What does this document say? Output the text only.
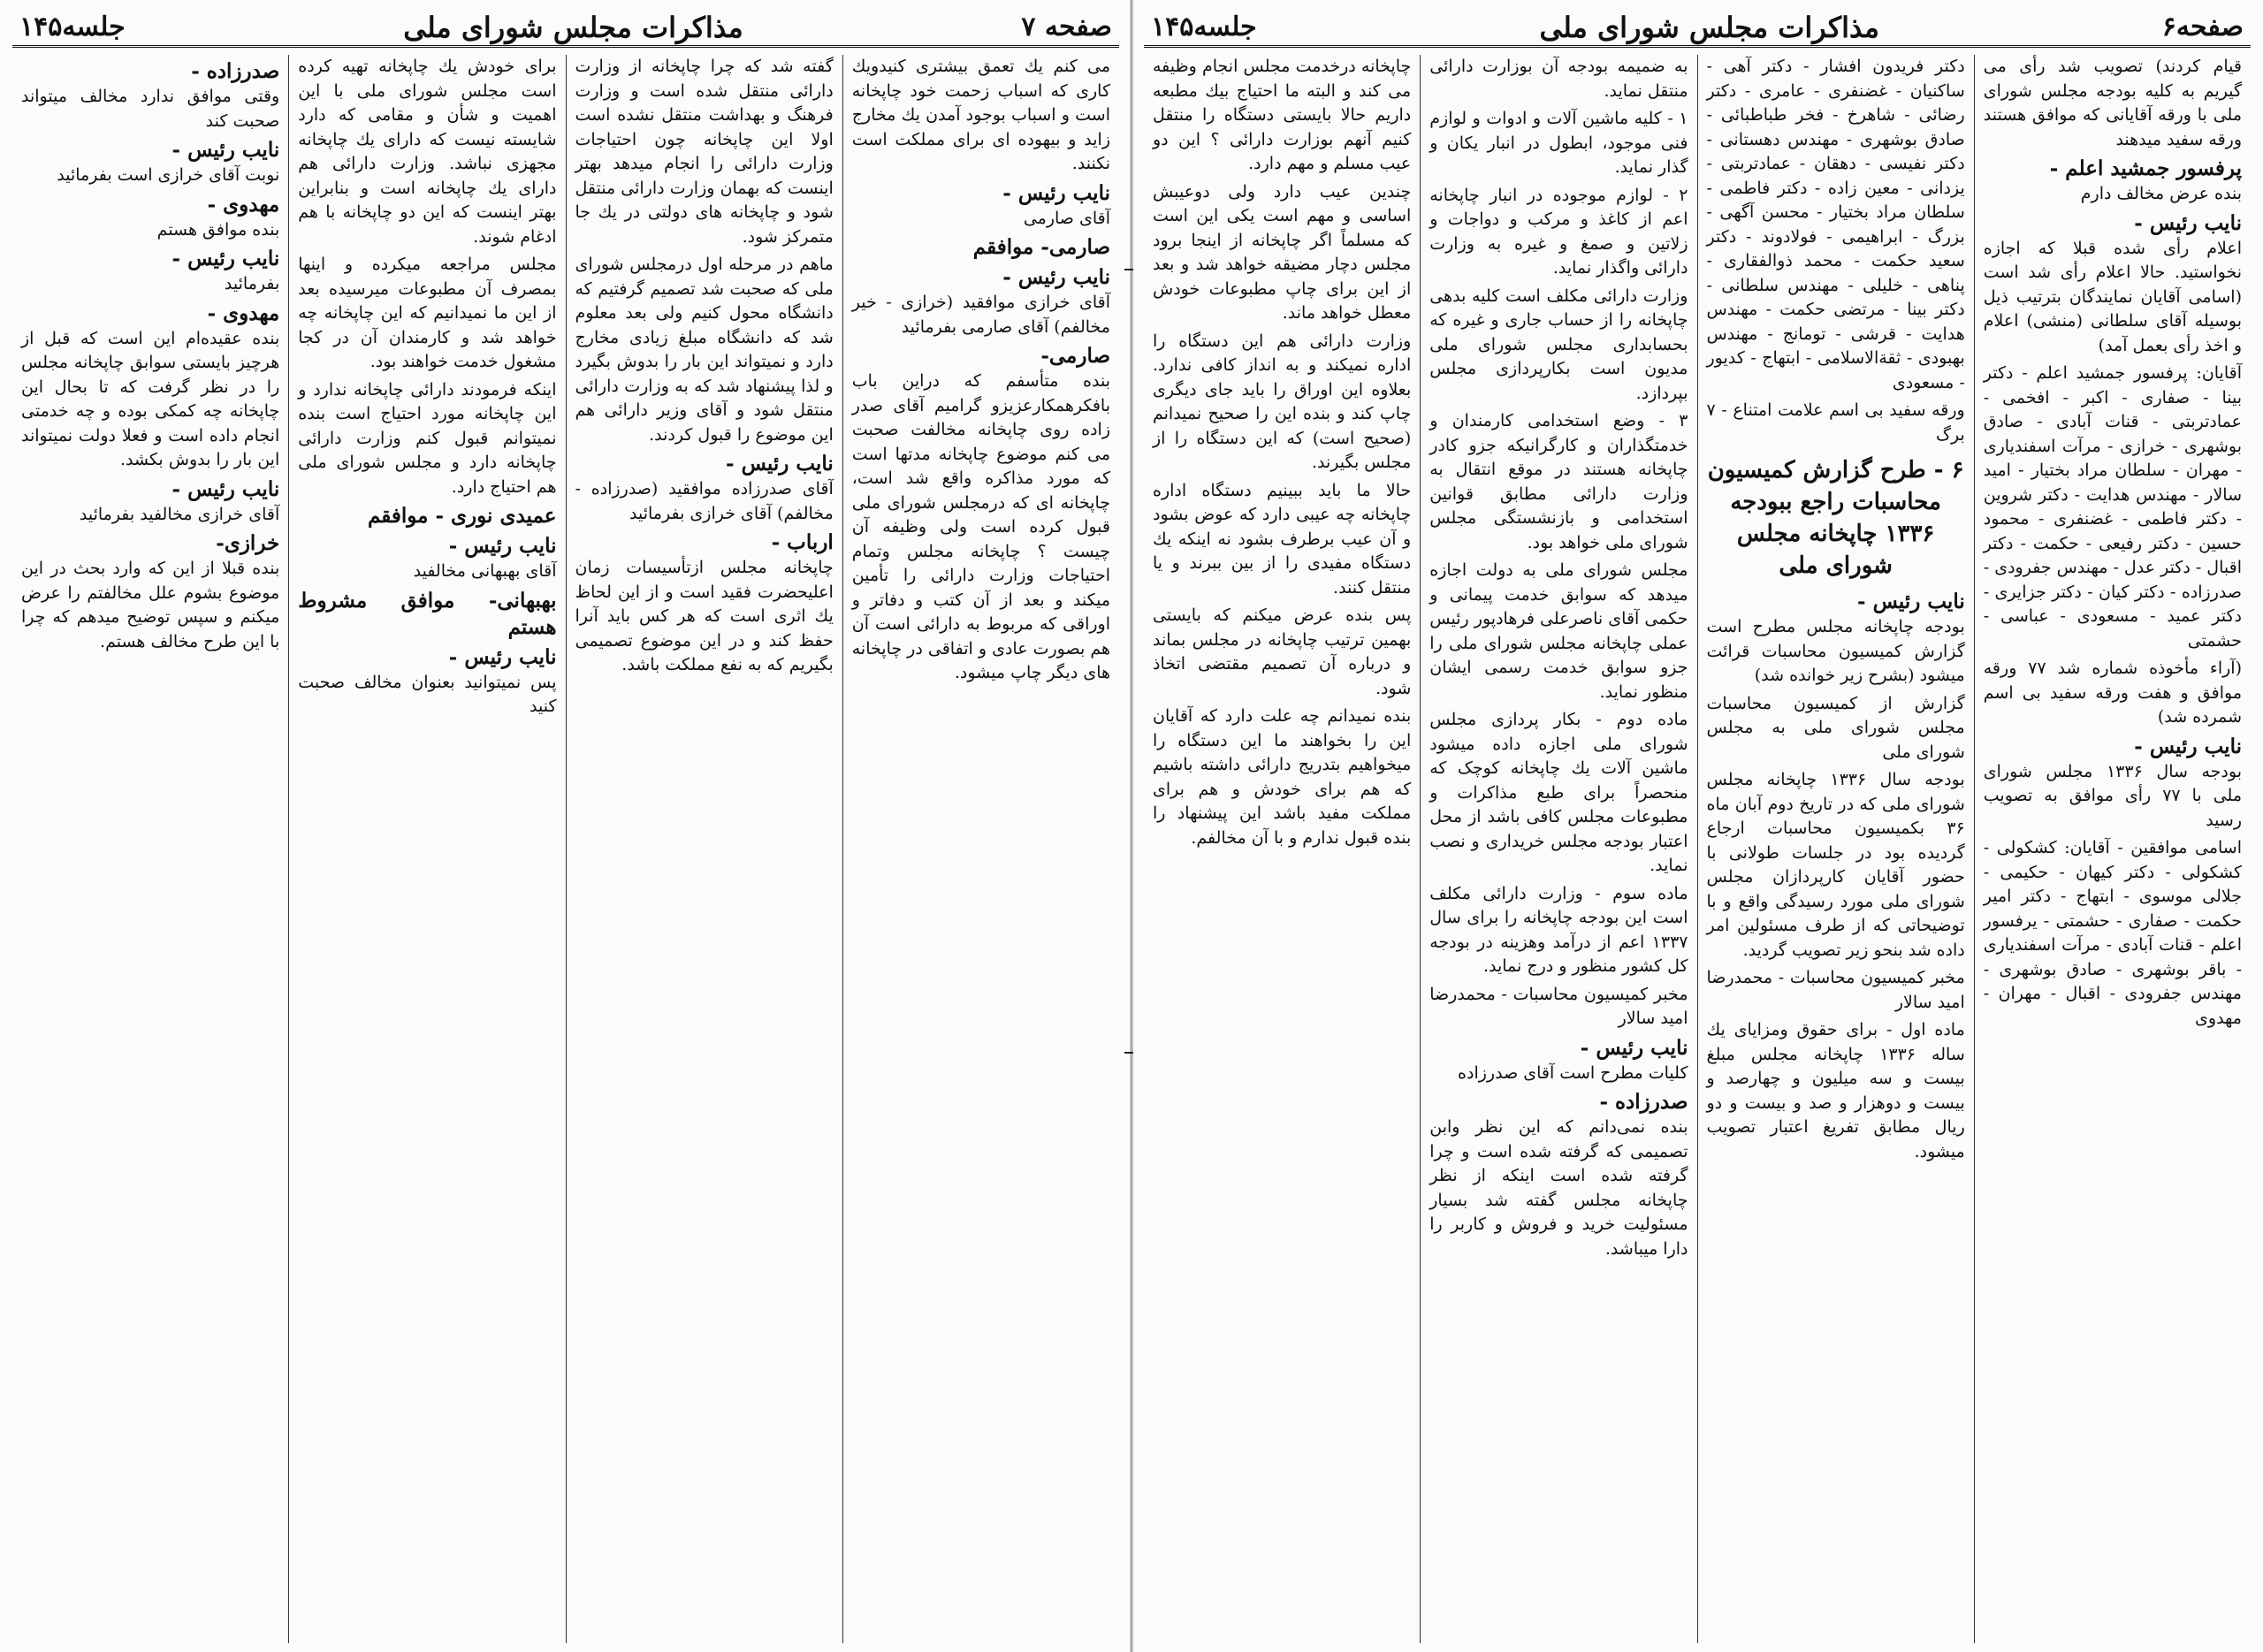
صفحه ۷
مذاکرات مجلس شورای ملی
جلسه۱۴۵
می کنم یك تعمق بیشتری کنیدویك کاری که اسباب زحمت خود چاپخانه است و اسباب بوجود آمدن یك مخارج زاید و بیهوده ای برای مملکت است نکنند.
نایب رئیس -
آقای صارمی
صارمی- موافقم
نایب رئیس -
آقای خرازی موافقید (خرازی - خیر مخالفم) آقای صارمی بفرمائید
صارمی-
بنده متأسفم که دراین باب بافکرهمکارعزیزو گرامیم آقای صدر زاده روی چاپخانه مخالفت صحبت می کنم موضوع چاپخانه مدتها است که مورد مذاکره واقع شد است، چاپخانه ای که درمجلس شورای ملی قبول کرده است ولی وظیفه آن چیست ؟ چاپخانه مجلس وتمام احتیاجات وزارت دارائی را تأمین میکند و بعد از آن کتب و دفاتر و اوراقی که مربوط به دارائی است آن هم بصورت عادی و اتفاقی در چاپخانه های دیگر چاپ میشود.
گفته شد که چرا چاپخانه از وزارت دارائی منتقل شده است و وزارت فرهنگ و بهداشت منتقل نشده است اولا این چاپخانه چون احتیاجات وزارت دارائی را انجام میدهد بهتر اینست که بهمان وزارت دارائی منتقل شود و چاپخانه های دولتی در یك جا متمرکز شود.
ماهم در مرحله اول درمجلس شورای ملی که صحبت شد تصمیم گرفتیم که دانشگاه محول کنیم ولی بعد معلوم شد که دانشگاه مبلغ زیادی مخارج دارد و نمیتواند این بار را بدوش بگیرد و لذا پیشنهاد شد که به وزارت دارائی منتقل شود و آقای وزیر دارائی هم این موضوع را قبول کردند.
نایب رئیس -
آقای صدرزاده موافقید (صدرزاده - مخالفم) آقای خرازی بفرمائید
ارباب -
چاپخانه مجلس ازتأسیسات زمان اعلیحضرت فقید است و از این لحاظ یك اثری است که هر کس باید آنرا حفظ کند و در این موضوع تصمیمی بگیریم که به نفع مملکت باشد.
برای خودش یك چاپخانه تهیه کرده است مجلس شورای ملی با این اهمیت و شأن و مقامی که دارد شایسته نیست که دارای یك چاپخانه مجهزی نباشد. وزارت دارائی هم دارای یك چاپخانه است و بنابراین بهتر اینست که این دو چاپخانه با هم ادغام شوند.
مجلس مراجعه میکرده و اینها بمصرف آن مطبوعات میرسیده بعد از این ما نمیدانیم که این چاپخانه چه خواهد شد و کارمندان آن در کجا مشغول خدمت خواهند بود.
اینکه فرمودند دارائی چاپخانه ندارد و این چاپخانه مورد احتیاج است بنده نمیتوانم قبول کنم وزارت دارائی چاپخانه دارد و مجلس شورای ملی هم احتیاج دارد.
عمیدی نوری - موافقم
نایب رئیس -
آقای بهبهانی مخالفید
بهبهانی- موافق مشروط هستم
نایب رئیس -
پس نمیتوانید بعنوان مخالف صحبت کنید
صدرزاده -
وقتی موافق ندارد مخالف میتواند صحبت کند
نایب رئیس -
نوبت آقای خرازی است بفرمائید
مهدوی -
بنده موافق هستم
نایب رئیس -
بفرمائید
مهدوی -
بنده عقیده‌ام این است که قبل از هرچیز بایستی سوابق چاپخانه مجلس را در نظر گرفت که تا بحال این چاپخانه چه کمکی بوده و چه خدمتی انجام داده است و فعلا دولت نمیتواند این بار را بدوش بکشد.
نایب رئیس -
آقای خرازی مخالفید بفرمائید
خرازی-
بنده قبلا از این که وارد بحث در این موضوع بشوم علل مخالفتم را عرض میکنم و سپس توضیح میدهم که چرا با این طرح مخالف هستم.
صفحه۶
مذاکرات مجلس شورای ملی
جلسه۱۴۵
قیام کردند) تصویب شد رأی می گیریم به کلیه بودجه مجلس شورای ملی با ورقه آقایانی که موافق هستند ورقه سفید میدهند
پرفسور جمشید اعلم -
بنده عرض مخالف دارم
نایب رئیس -
اعلام رأی شده قبلا که اجازه نخواستید. حالا اعلام رأی شد است (اسامی آقایان نمایندگان بترتیب ذیل بوسیله آقای سلطانی (منشی) اعلام و اخذ رأی بعمل آمد)
آقایان: پرفسور جمشید اعلم - دکتر بینا - صفاری - اکبر - افخمی - عمادتربتی - قنات آبادی - صادق بوشهری - خرازی - مرآت اسفندیاری - مهران - سلطان مراد بختیار - امید سالار - مهندس هدایت - دکتر شروین - دکتر فاطمی - غضنفری - محمود حسین - دکتر رفیعی - حکمت - دکتر اقبال - دکتر عدل - مهندس جفرودی - صدرزاده - دکتر کیان - دکتر جزایری - دکتر عمید - مسعودی - عباسی - حشمتی
(آراء مأخوذه شماره شد ۷۷ ورقه موافق و هفت ورقه سفید بی اسم شمرده شد)
نایب رئیس -
بودجه سال ۱۳۳۶ مجلس شورای ملی با ۷۷ رأی موافق به تصویب رسید
اسامی موافقین - آقایان: کشکولی - کشکولی - دکتر کیهان - حکیمی - جلالی موسوی - ابتهاج - دکتر امیر حکمت - صفاری - حشمتی - یرفسور اعلم - قنات آبادی - مرآت اسفندیاری - باقر بوشهری - صادق بوشهری - مهندس جفرودی - اقبال - مهران - مهدوی
دکتر فریدون افشار - دکتر آهی - ساکنیان - غضنفری - عامری - دکتر رضائی - شاهرخ - فخر طباطبائی - صادق بوشهری - مهندس دهستانی - دکتر نفیسی - دهقان - عمادتربتی - یزدانی - معین زاده - دکتر فاطمی - سلطان مراد بختیار - محسن آگهی - بزرگ - ابراهیمی - فولادوند - دکتر سعید حکمت - محمد ذوالفقاری - پناهی - خلیلی - مهندس سلطانی - دکتر بینا - مرتضی حکمت - مهندس هدایت - قرشی - تومانج - مهندس بهبودی - ثقةالاسلامی - ابتهاج - کدیور - مسعودی
ورقه سفید بی اسم علامت امتناع - ۷ برگ
۶ - طرح گزارش کمیسیون محاسبات راجع ببودجه ۱۳۳۶ چاپخانه مجلس شورای ملی
نایب رئیس -
بودجه چاپخانه مجلس مطرح است گزارش کمیسیون محاسبات قرائت میشود (بشرح زیر خوانده شد)
گزارش از کمیسیون محاسبات مجلس شورای ملی به مجلس شورای ملی
بودجه سال ۱۳۳۶ چاپخانه مجلس شورای ملی که در تاریخ دوم آبان ماه ۳۶ بکمیسیون محاسبات ارجاع گردیده بود در جلسات طولانی با حضور آقایان کارپردازان مجلس شورای ملی مورد رسیدگی واقع و با توضیحاتی که از طرف مسئولین امر داده شد بنحو زیر تصویب گردید.
مخبر کمیسیون محاسبات - محمدرضا امید سالار
ماده اول - برای حقوق ومزایای یك ساله ۱۳۳۶ چاپخانه مجلس مبلغ بیست و سه میلیون و چهارصد و بیست و دوهزار و صد و بیست و دو ریال مطابق تفریغ اعتبار تصویب میشود.
به ضمیمه بودجه آن بوزارت دارائی منتقل نماید.
۱ - کلیه ماشین آلات و ادوات و لوازم فنی موجود، ابطول در انبار یکان و گذار نماید.
۲ - لوازم موجوده در انبار چاپخانه اعم از کاغذ و مرکب و دواجات و زلاتین و صمغ و غیره به وزارت دارائی واگذار نماید.
وزارت دارائی مکلف است کلیه بدهی چاپخانه را از حساب جاری و غیره که بحسابداری مجلس شورای ملی مدیون است بکارپردازی مجلس بپردازد.
۳ - وضع استخدامی کارمندان و خدمتگذاران و کارگرانیکه جزو کادر چاپخانه هستند در موقع انتقال به وزارت دارائی مطابق قوانین استخدامی و بازنشستگی مجلس شورای ملی خواهد بود.
مجلس شورای ملی به دولت اجازه میدهد که سوابق خدمت پیمانی و حکمی آقای ناصرعلی فرهادپور رئیس عملی چاپخانه مجلس شورای ملی را جزو سوابق خدمت رسمی ایشان منظور نماید.
ماده دوم - بکار پردازی مجلس شورای ملی اجازه داده میشود ماشین آلات یك چاپخانه کوچک که منحصراً برای طبع مذاکرات و مطبوعات مجلس کافی باشد از محل اعتبار بودجه مجلس خریداری و نصب نماید.
ماده سوم - وزارت دارائی مکلف است این بودجه چاپخانه را برای سال ۱۳۳۷ اعم از درآمد وهزینه در بودجه کل کشور منظور و درج نماید.
مخبر کمیسیون محاسبات - محمدرضا امید سالار
نایب رئیس -
کلیات مطرح است آقای صدرزاده
صدرزاده -
بنده نمی‌دانم که این نظر وابن تصمیمی که گرفته شده است و چرا گرفته شده است اینکه از نظر چاپخانه مجلس گفته شد بسیار مسئولیت خرید و فروش و کاربر را دارا میباشد.
چاپخانه درخدمت مجلس انجام وظیفه می کند و البته ما احتیاج بیك مطبعه داریم حالا بایستی دستگاه را منتقل کنیم آنهم بوزارت دارائی ؟ این دو عیب مسلم و مهم دارد.
چندین عیب دارد ولی دوعیبش اساسی و مهم است یکی این است که مسلماً اگر چاپخانه از اینجا برود مجلس دچار مضیقه خواهد شد و بعد از این برای چاپ مطبوعات خودش معطل خواهد ماند.
وزارت دارائی هم این دستگاه را اداره نمیکند و به انداز کافی ندارد. بعلاوه این اوراق را باید جای دیگری چاپ کند و بنده این را صحیح نمیدانم (صحیح است) که این دستگاه را از مجلس بگیرند.
حالا ما باید ببینیم دستگاه اداره چاپخانه چه عیبی دارد که عوض بشود و آن عیب برطرف بشود نه اینکه یك دستگاه مفیدی را از بین ببرند و یا منتقل کنند.
پس بنده عرض میکنم که بایستی بهمین ترتیب چاپخانه در مجلس بماند و درباره آن تصمیم مقتضی اتخاذ شود.
بنده نمیدانم چه علت دارد که آقایان این را بخواهند ما این دستگاه را میخواهیم بتدریج دارائی داشته باشیم که هم برای خودش و هم برای مملکت مفید باشد این پیشنهاد را بنده قبول ندارم و با آن مخالفم.
